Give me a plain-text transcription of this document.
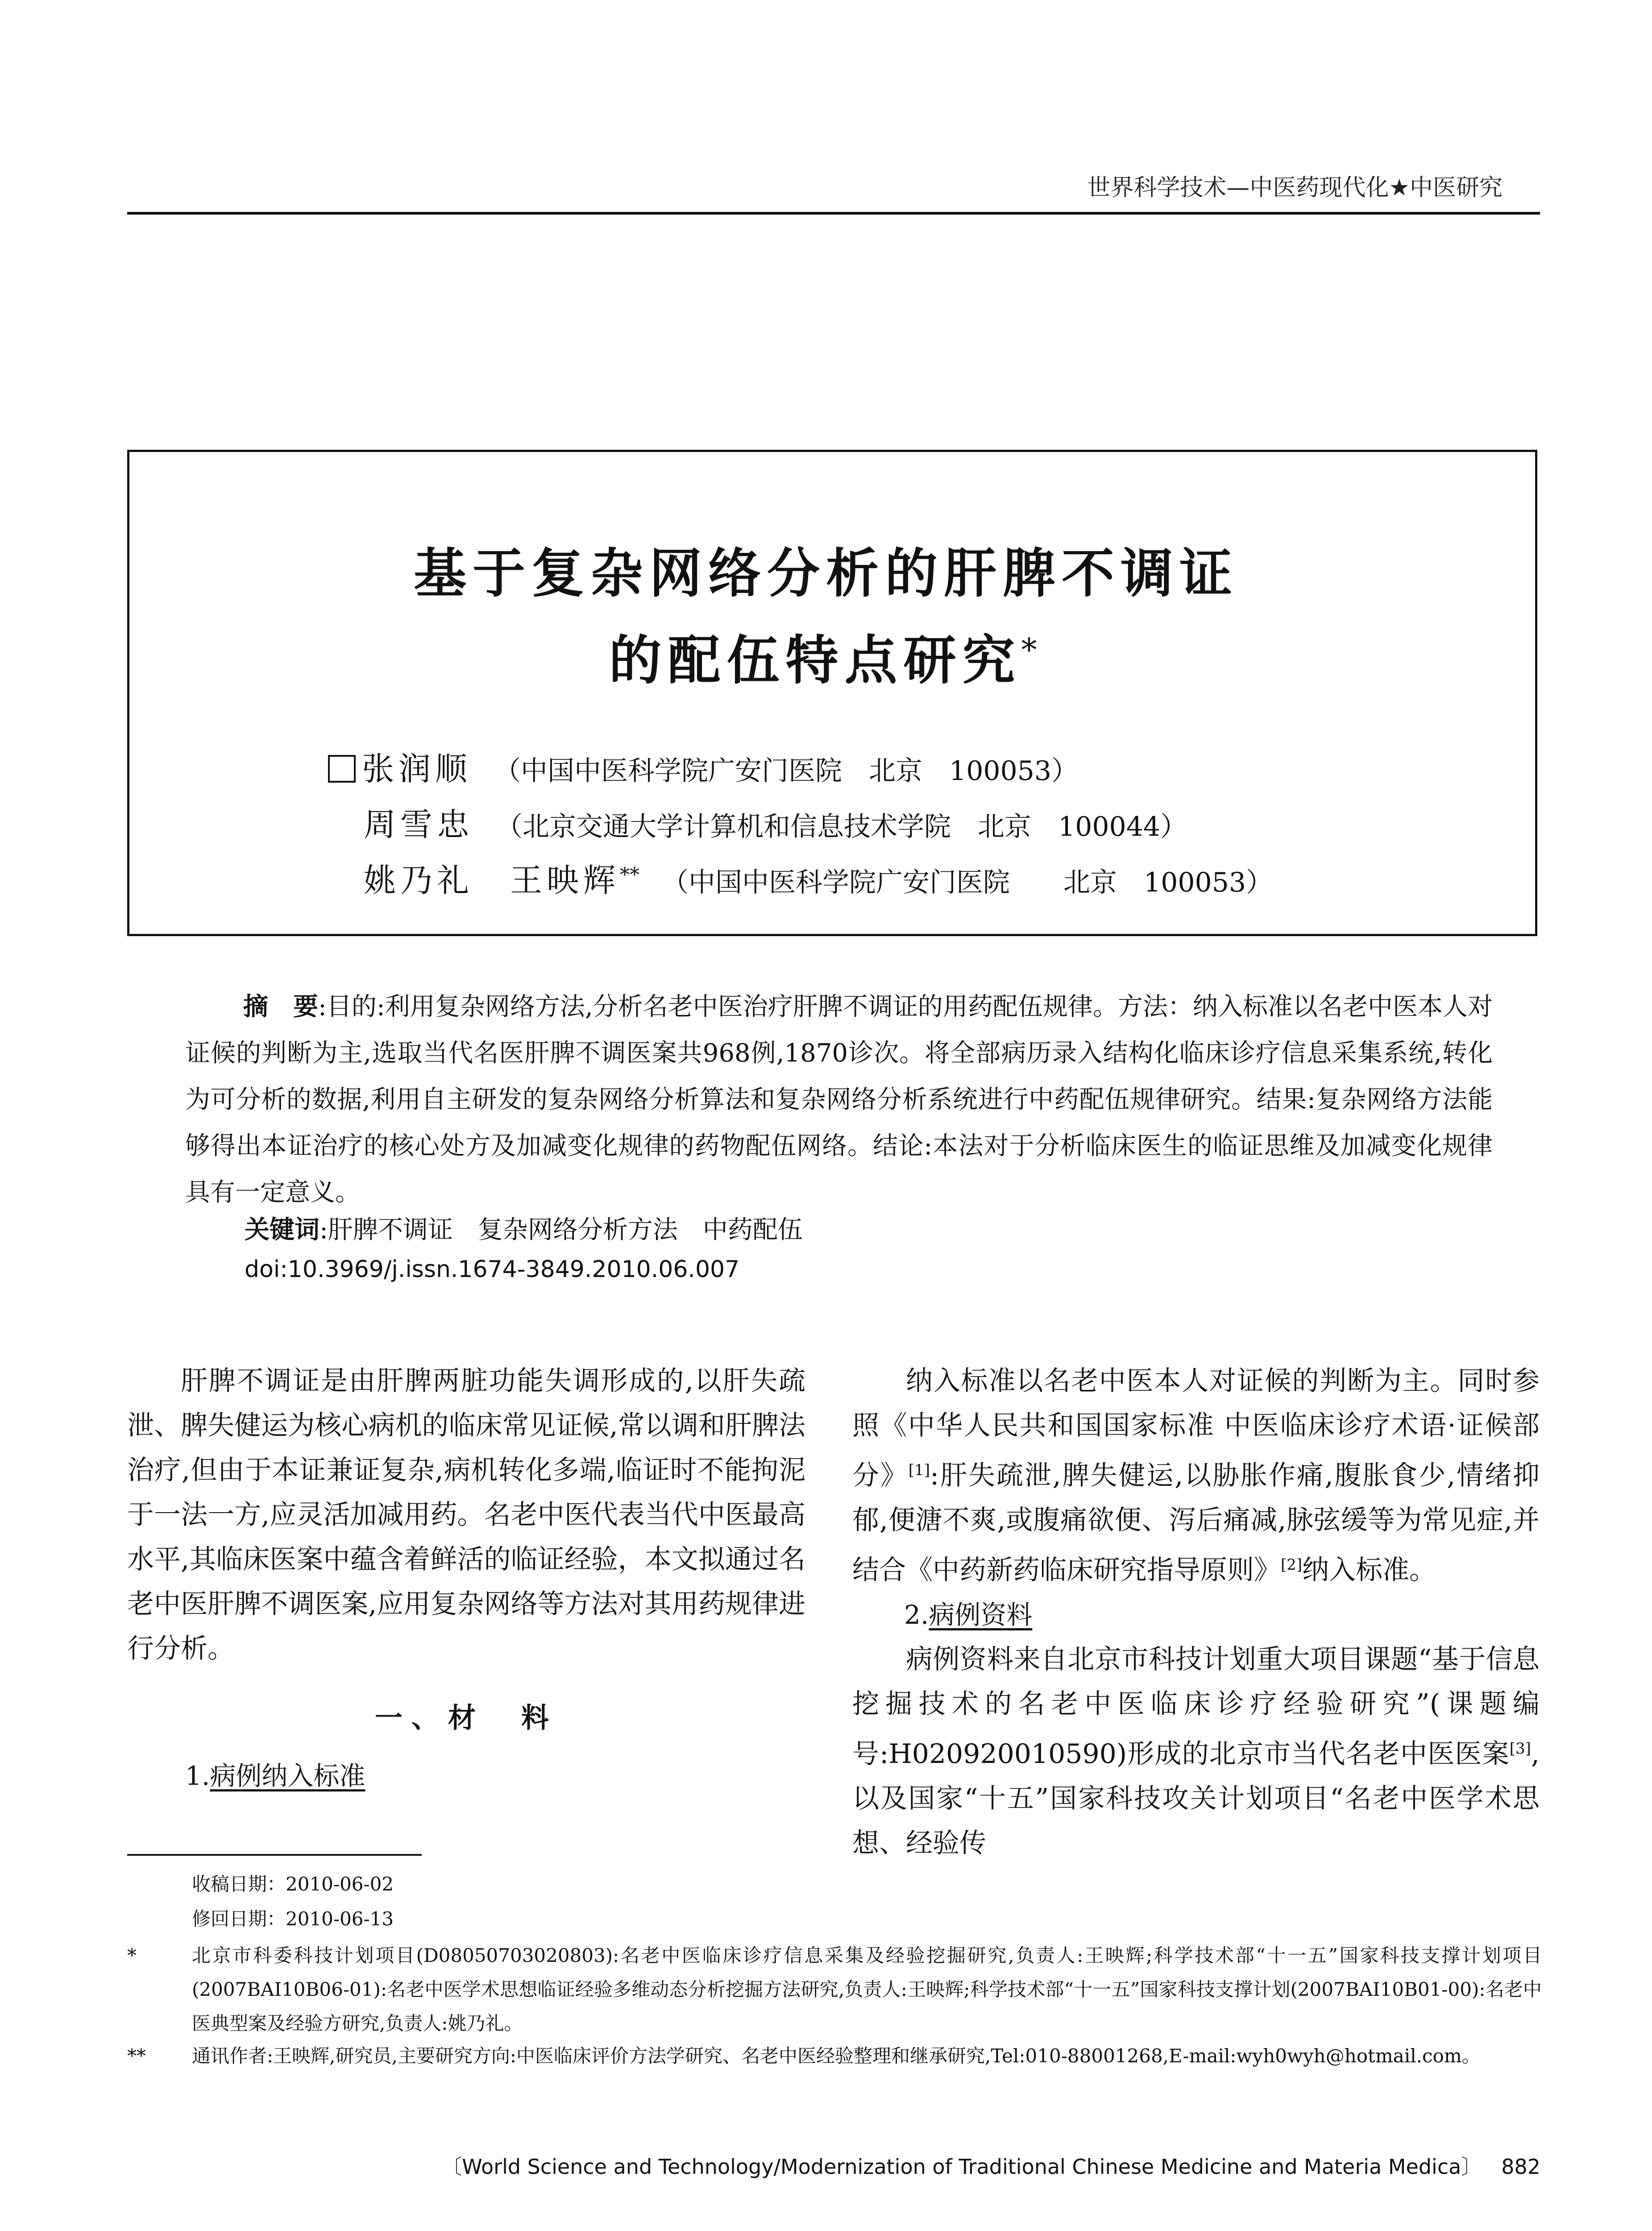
世界科学技术—中医药现代化★中医研究
基于复杂网络分析的肝脾不调证
的配伍特点研究*
张润顺 （中国中医科学院广安门医院　北京　100053）
周雪忠 （北京交通大学计算机和信息技术学院　北京　100044）
姚乃礼　王映辉** （中国中医科学院广安门医院　　北京　100053）
摘　要:目的:利用复杂网络方法,分析名老中医治疗肝脾不调证的用药配伍规律。方法：纳入标准以名老中医本人对证候的判断为主,选取当代名医肝脾不调医案共968例,1870诊次。将全部病历录入结构化临床诊疗信息采集系统,转化为可分析的数据,利用自主研发的复杂网络分析算法和复杂网络分析系统进行中药配伍规律研究。结果:复杂网络方法能够得出本证治疗的核心处方及加减变化规律的药物配伍网络。结论:本法对于分析临床医生的临证思维及加减变化规律具有一定意义。
关键词:肝脾不调证　复杂网络分析方法　中药配伍
doi:10.3969/j.issn.1674-3849.2010.06.007

肝脾不调证是由肝脾两脏功能失调形成的,以肝失疏泄、脾失健运为核心病机的临床常见证候,常以调和肝脾法治疗,但由于本证兼证复杂,病机转化多端,临证时不能拘泥于一法一方,应灵活加减用药。名老中医代表当代中医最高水平,其临床医案中蕴含着鲜活的临证经验，本文拟通过名老中医肝脾不调医案,应用复杂网络等方法对其用药规律进行分析。

一、材　料
1.病例纳入标准

纳入标准以名老中医本人对证候的判断为主。同时参照《中华人民共和国国家标准 中医临床诊疗术语·证候部分》[1]:肝失疏泄,脾失健运,以胁胀作痛,腹胀食少,情绪抑郁,便溏不爽,或腹痛欲便、泻后痛减,脉弦缓等为常见症,并结合《中药新药临床研究指导原则》[2]纳入标准。

2.病例资料

病例资料来自北京市科技计划重大项目课题“基于信息挖掘技术的名老中医临床诊疗经验研究”(课题编号:H020920010590)形成的北京市当代名老中医医案[3],以及国家“十五”国家科技攻关计划项目“名老中医学术思想、经验传

收稿日期：2010-06-02
修回日期：2010-06-13
*	北京市科委科技计划项目(D08050703020803):名老中医临床诊疗信息采集及经验挖掘研究,负责人:王映辉;科学技术部“十一五”国家科技支撑计划项目(2007BAI10B06-01):名老中医学术思想临证经验多维动态分析挖掘方法研究,负责人:王映辉;科学技术部“十一五”国家科技支撑计划(2007BAI10B01-00):名老中医典型案及经验方研究,负责人:姚乃礼。
** 通讯作者:王映辉,研究员,主要研究方向:中医临床评价方法学研究、名老中医经验整理和继承研究,Tel:010-88001268,E-mail:wyh0wyh@hotmail.com。
〔World Science and Technology/Modernization of Traditional Chinese Medicine and Materia Medica〕 882
